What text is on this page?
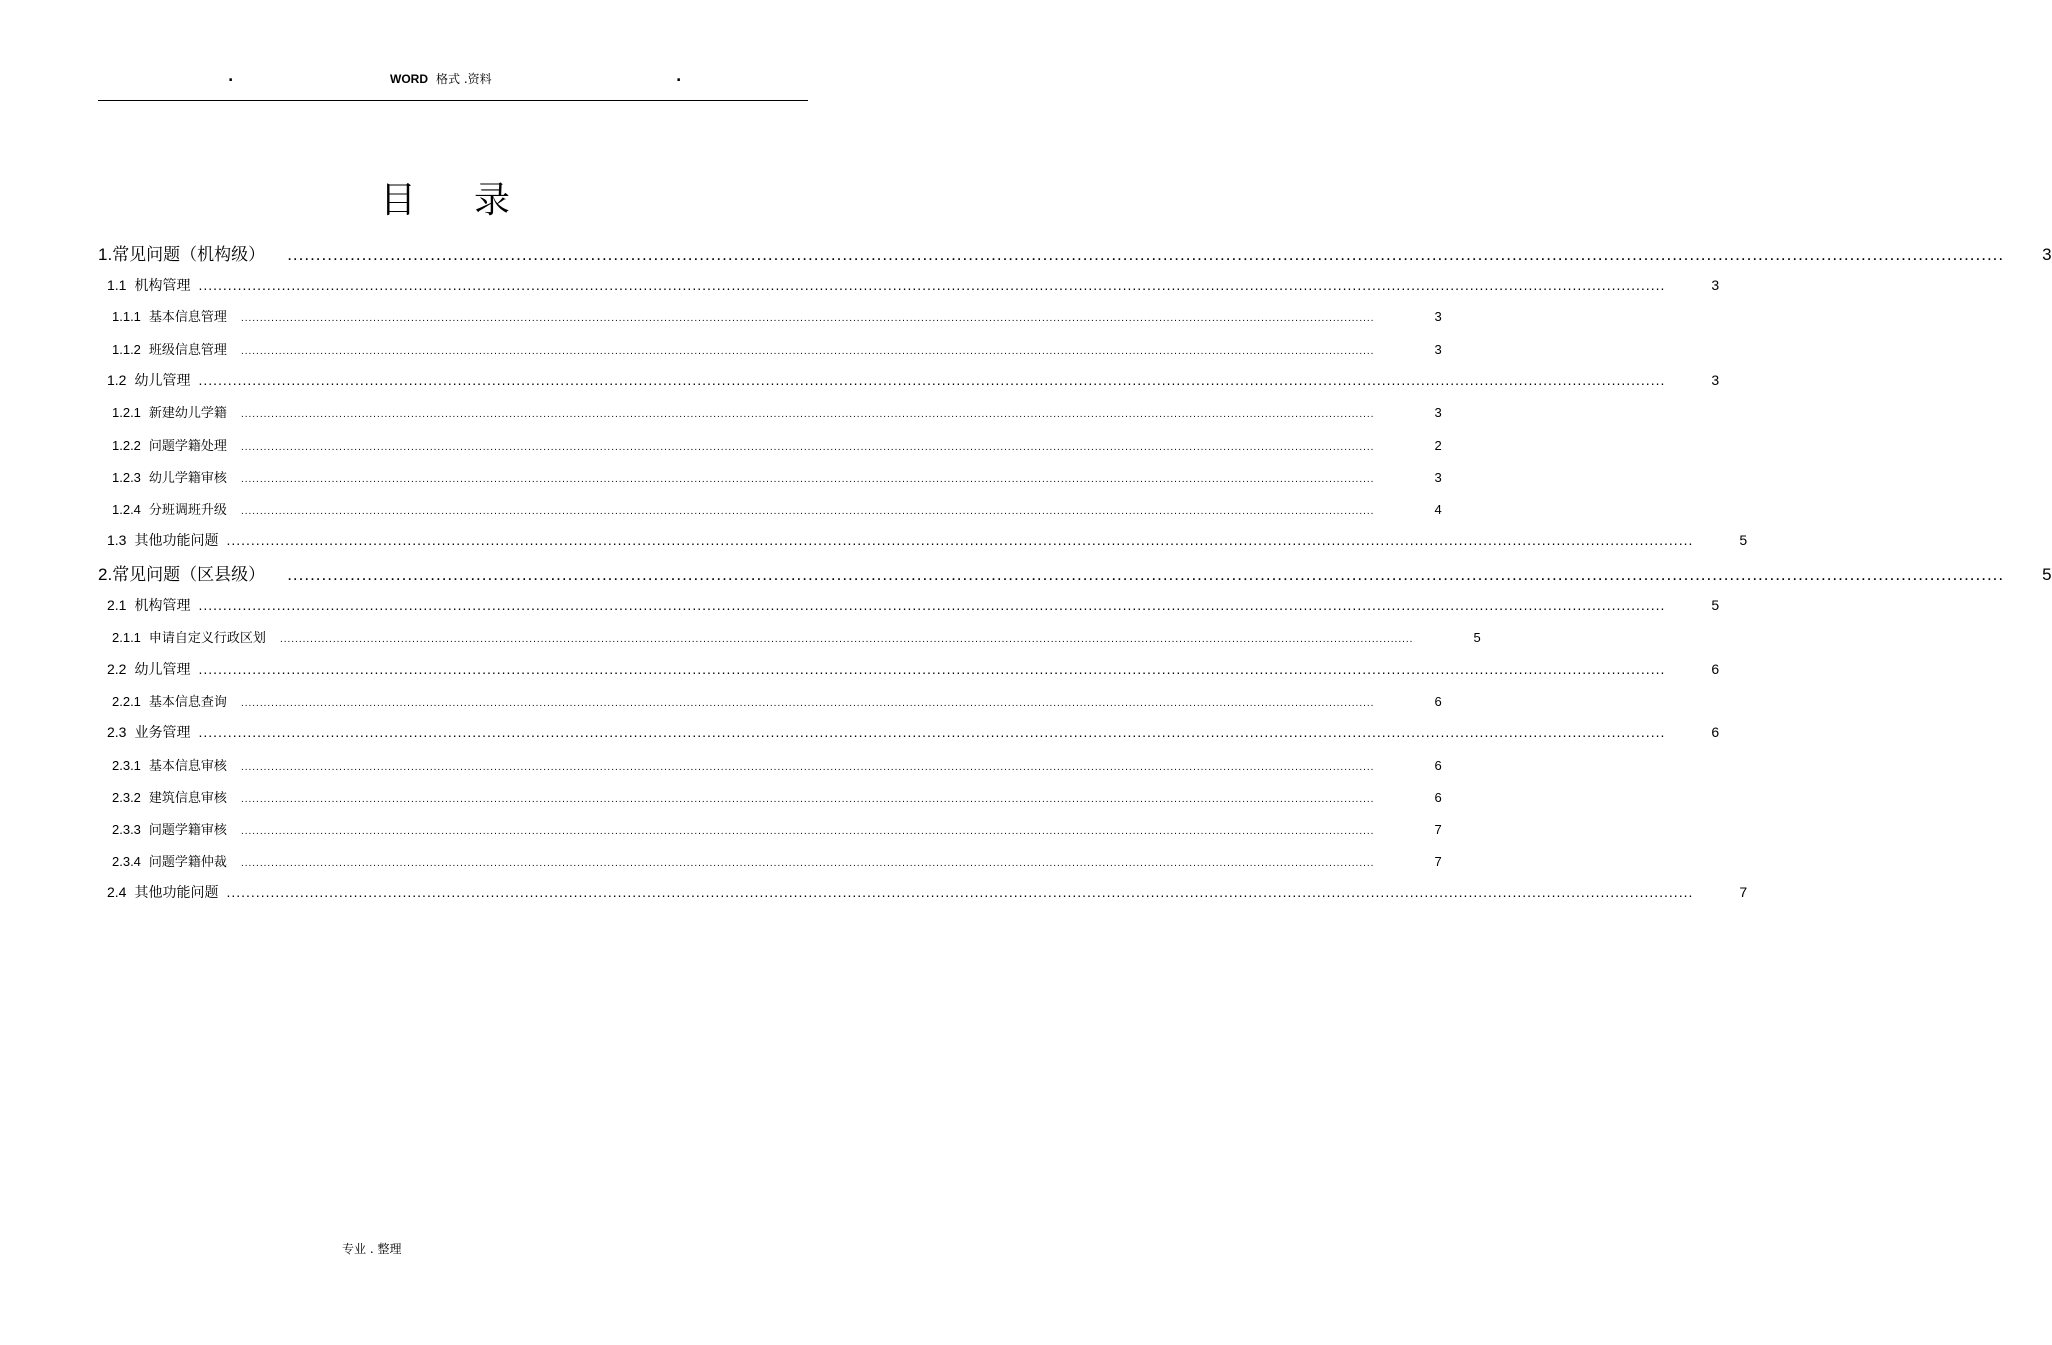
.	WORD 格式 .资料	.
目录
1. 常见问题（机构级） ............................................................................................................................................................................................................................................................................................................ 3
1.1 机构管理 ............................................................................................................................................................................................................................................................................................................	3
1.1.1 基本信息管理 ............................................................................................................................................................................................................................................................................................................	3
1.1.2 班级信息管理 ............................................................................................................................................................................................................................................................................................................	3
1.2 幼儿管理 ............................................................................................................................................................................................................................................................................................................	3
1.2.1 新建幼儿学籍 ............................................................................................................................................................................................................................................................................................................	3
1.2.2 问题学籍处理 ............................................................................................................................................................................................................................................................................................................	2
1.2.3 幼儿学籍审核 ............................................................................................................................................................................................................................................................................................................	3
1.2.4 分班调班升级 ............................................................................................................................................................................................................................................................................................................	4
1.3 其他功能问题 ............................................................................................................................................................................................................................................................................................................	5
2. 常见问题（区县级） ............................................................................................................................................................................................................................................................................................................ 5
2.1 机构管理 ............................................................................................................................................................................................................................................................................................................	5
2.1.1 申请自定义行政区划 ............................................................................................................................................................................................................................................................................................................	5
2.2 幼儿管理 ............................................................................................................................................................................................................................................................................................................	6
2.2.1 基本信息查询 ............................................................................................................................................................................................................................................................................................................	6
2.3 业务管理 ............................................................................................................................................................................................................................................................................................................	6
2.3.1 基本信息审核 ............................................................................................................................................................................................................................................................................................................	6
2.3.2 建筑信息审核 ............................................................................................................................................................................................................................................................................................................	6
2.3.3 问题学籍审核 ............................................................................................................................................................................................................................................................................................................	7
2.3.4 问题学籍仲裁 ............................................................................................................................................................................................................................................................................................................	7
2.4 其他功能问题 ............................................................................................................................................................................................................................................................................................................	7
专业 . 整理
